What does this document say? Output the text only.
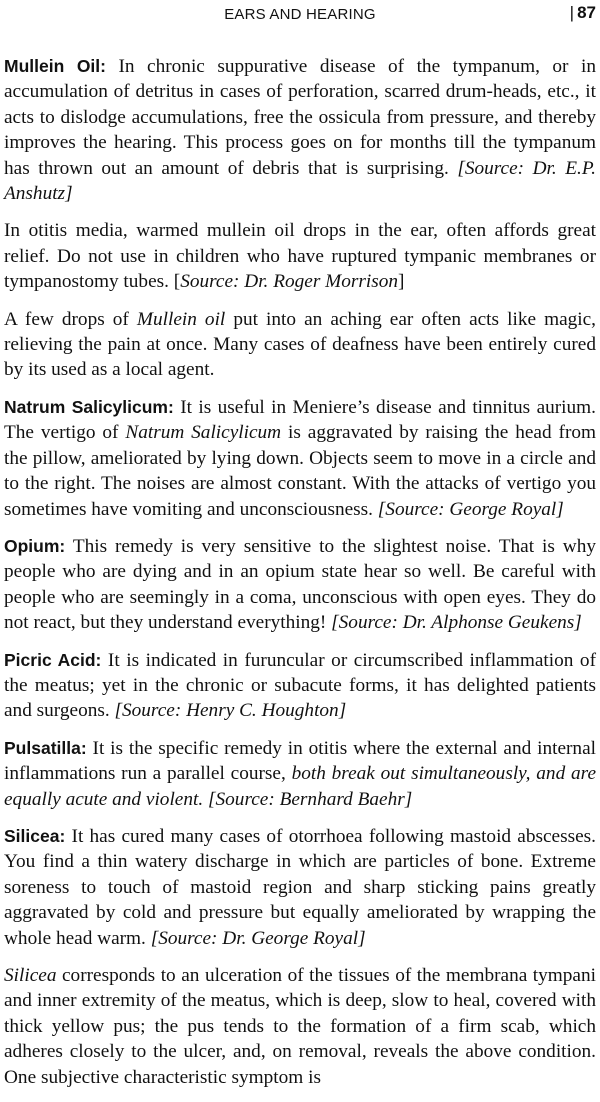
EARS AND HEARING	| 87

Mullein Oil: In chronic suppurative disease of the tympanum, or in accumulation of detritus in cases of perforation, scarred drum-heads, etc., it acts to dislodge accumulations, free the ossicula from pressure, and thereby improves the hearing. This process goes on for months till the tympanum has thrown out an amount of debris that is surprising. [Source: Dr. E.P. Anshutz]

In otitis media, warmed mullein oil drops in the ear, often affords great relief. Do not use in children who have ruptured tympanic membranes or tympanostomy tubes. [Source: Dr. Roger Morrison]

A few drops of Mullein oil put into an aching ear often acts like magic, relieving the pain at once. Many cases of deafness have been entirely cured by its used as a local agent.

Natrum Salicylicum: It is useful in Meniere’s disease and tinnitus aurium. The vertigo of Natrum Salicylicum is aggravated by raising the head from the pillow, ameliorated by lying down. Objects seem to move in a circle and to the right. The noises are almost constant. With the attacks of vertigo you sometimes have vomiting and unconsciousness. [Source: George Royal]

Opium: This remedy is very sensitive to the slightest noise. That is why people who are dying and in an opium state hear so well. Be careful with people who are seemingly in a coma, unconscious with open eyes. They do not react, but they understand everything! [Source: Dr. Alphonse Geukens]

Picric Acid: It is indicated in furuncular or circumscribed inflammation of the meatus; yet in the chronic or subacute forms, it has delighted patients and surgeons. [Source: Henry C. Houghton]

Pulsatilla: It is the specific remedy in otitis where the external and internal inflammations run a parallel course, both break out simultaneously, and are equally acute and violent. [Source: Bernhard Baehr]

Silicea: It has cured many cases of otorrhoea following mastoid abscesses. You find a thin watery discharge in which are particles of bone. Extreme soreness to touch of mastoid region and sharp sticking pains greatly aggravated by cold and pressure but equally ameliorated by wrapping the whole head warm. [Source: Dr. George Royal]

Silicea corresponds to an ulceration of the tissues of the membrana tympani and inner extremity of the meatus, which is deep, slow to heal, covered with thick yellow pus; the pus tends to the formation of a firm scab, which adheres closely to the ulcer, and, on removal, reveals the above condition. One subjective characteristic symptom is
